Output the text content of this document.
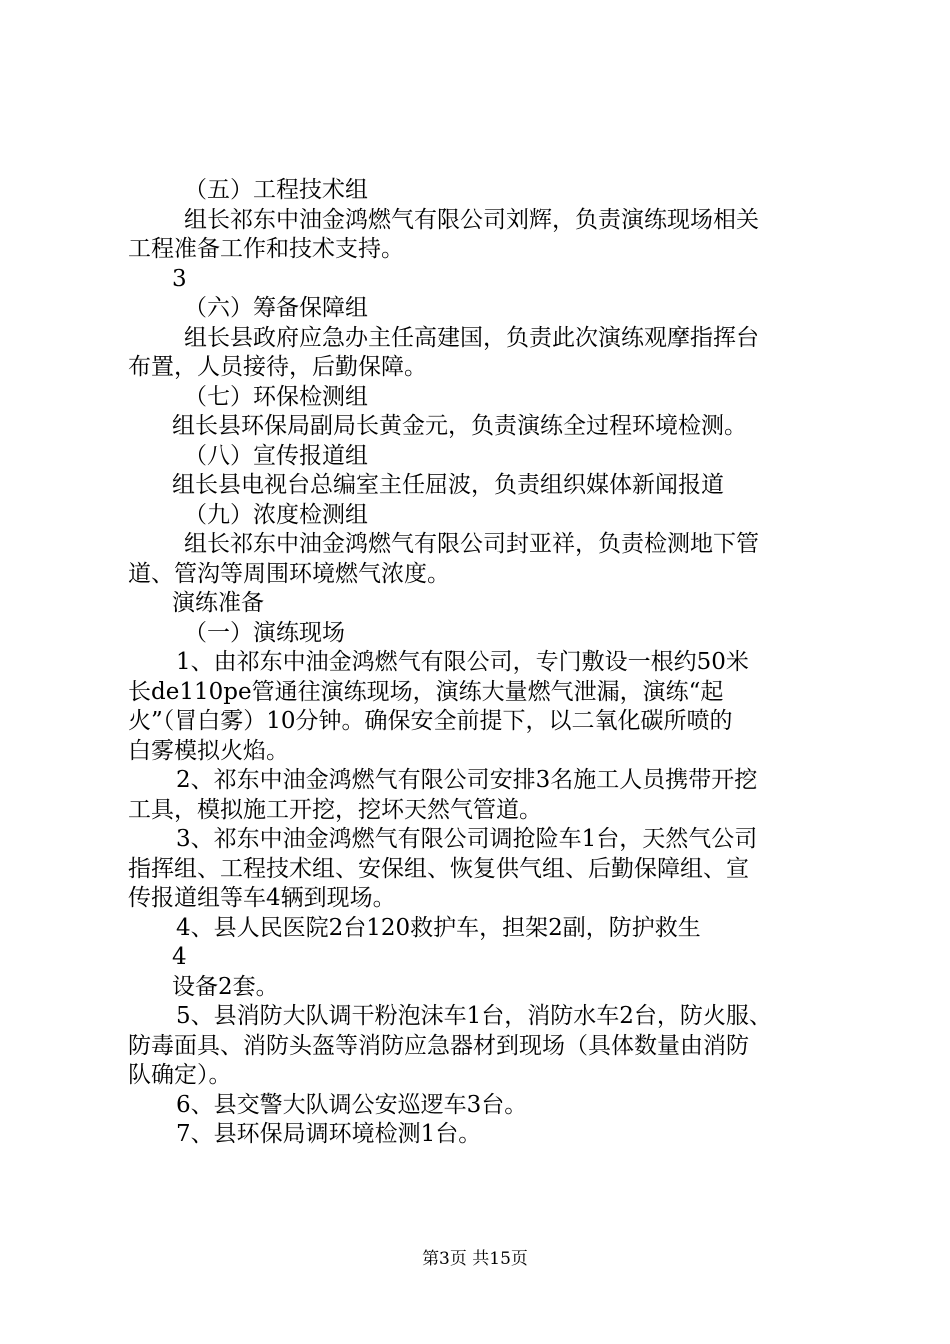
（五）工程技术组

组长祁东中油金鸿燃气有限公司刘辉，负责演练现场相关

工程准备工作和技术支持。

3

（六）筹备保障组

组长县政府应急办主任高建国，负责此次演练观摩指挥台

布置，人员接待，后勤保障。

（七）环保检测组

组长县环保局副局长黄金元，负责演练全过程环境检测。

（八）宣传报道组

组长县电视台总编室主任屈波，负责组织媒体新闻报道

（九）浓度检测组

组长祁东中油金鸿燃气有限公司封亚祥，负责检测地下管

道、管沟等周围环境燃气浓度。

演练准备

（一）演练现场

1、由祁东中油金鸿燃气有限公司，专门敷设一根约50米

长de110pe管通往演练现场，演练大量燃气泄漏，演练“起

火”（冒白雾）10分钟。确保安全前提下，以二氧化碳所喷的

白雾模拟火焰。

2、祁东中油金鸿燃气有限公司安排3名施工人员携带开挖

工具，模拟施工开挖，挖坏天然气管道。

3、祁东中油金鸿燃气有限公司调抢险车1台，天然气公司

指挥组、工程技术组、安保组、恢复供气组、后勤保障组、宣

传报道组等车4辆到现场。

4、县人民医院2台120救护车，担架2副，防护救生

4

设备2套。

5、县消防大队调干粉泡沫车1台，消防水车2台，防火服、

防毒面具、消防头盔等消防应急器材到现场（具体数量由消防

队确定）。

6、县交警大队调公安巡逻车3台。

7、县环保局调环境检测1台。

第3页 共15页
